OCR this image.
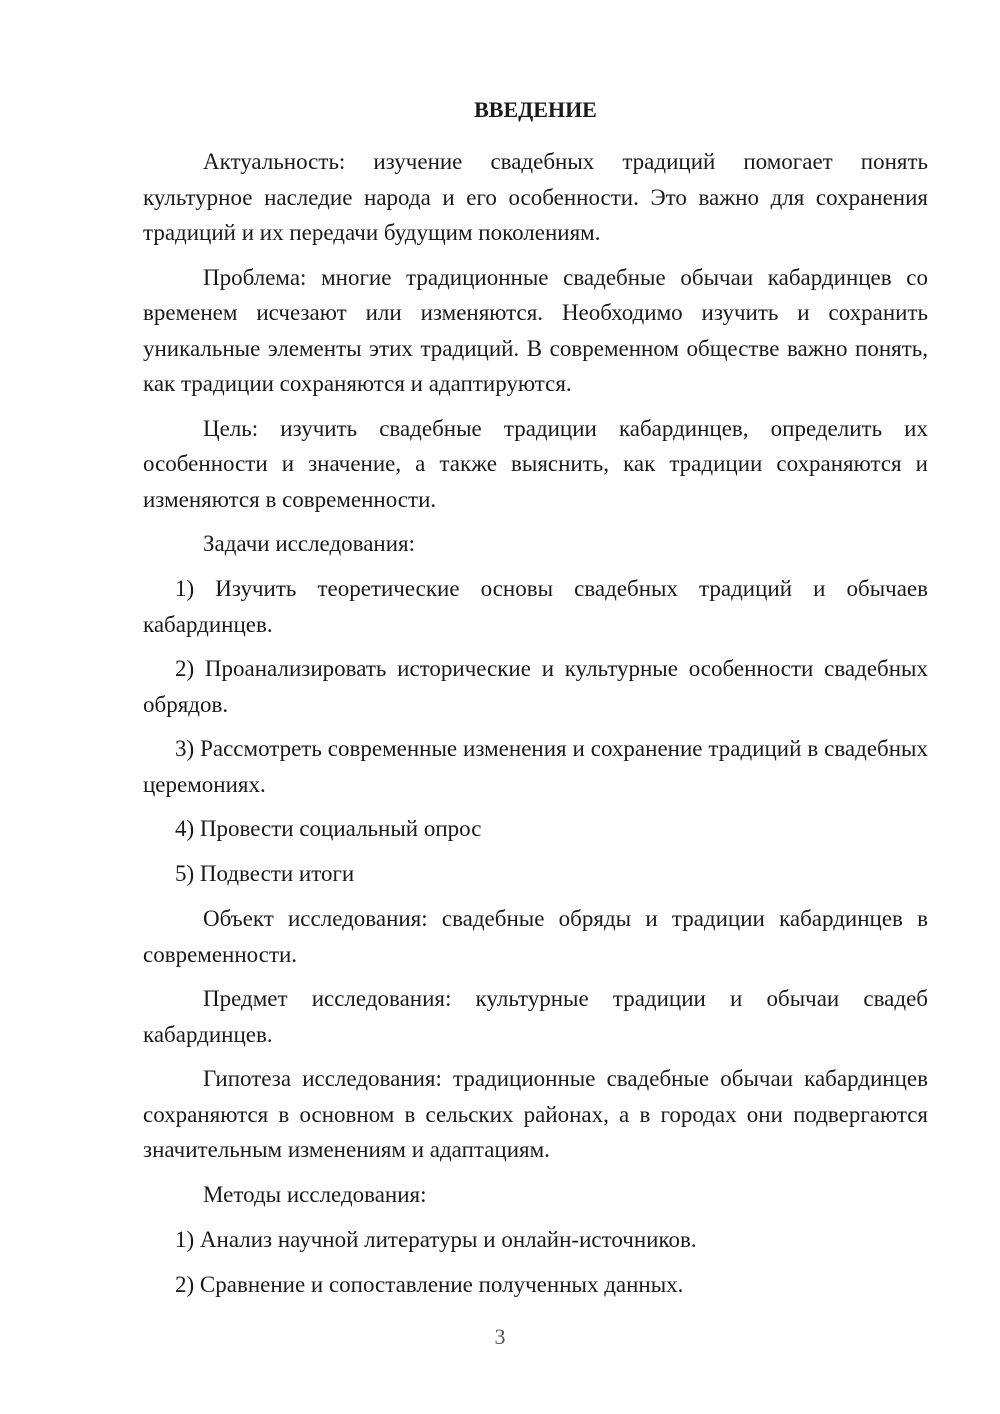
ВВЕДЕНИЕ

Актуальность: изучение свадебных традиций помогает понять культурное наследие народа и его особенности. Это важно для сохранения традиций и их передачи будущим поколениям.

Проблема: многие традиционные свадебные обычаи кабардинцев со временем исчезают или изменяются. Необходимо изучить и сохранить уникальные элементы этих традиций. В современном обществе важно понять, как традиции сохраняются и адаптируются.

Цель: изучить свадебные традиции кабардинцев, определить их особенности и значение, а также выяснить, как традиции сохраняются и изменяются в современности.

Задачи исследования:

1) Изучить теоретические основы свадебных традиций и обычаев кабардинцев.

2) Проанализировать исторические и культурные особенности свадебных обрядов.

3) Рассмотреть современные изменения и сохранение традиций в свадебных церемониях.

4) Провести социальный опрос

5) Подвести итоги

Объект исследования: свадебные обряды и традиции кабардинцев в современности.

Предмет исследования: культурные традиции и обычаи свадеб кабардинцев.

Гипотеза исследования: традиционные свадебные обычаи кабардинцев сохраняются в основном в сельских районах, а в городах они подвергаются значительным изменениям и адаптациям.

Методы исследования:

1) Анализ научной литературы и онлайн-источников.

2) Сравнение и сопоставление полученных данных.

3
